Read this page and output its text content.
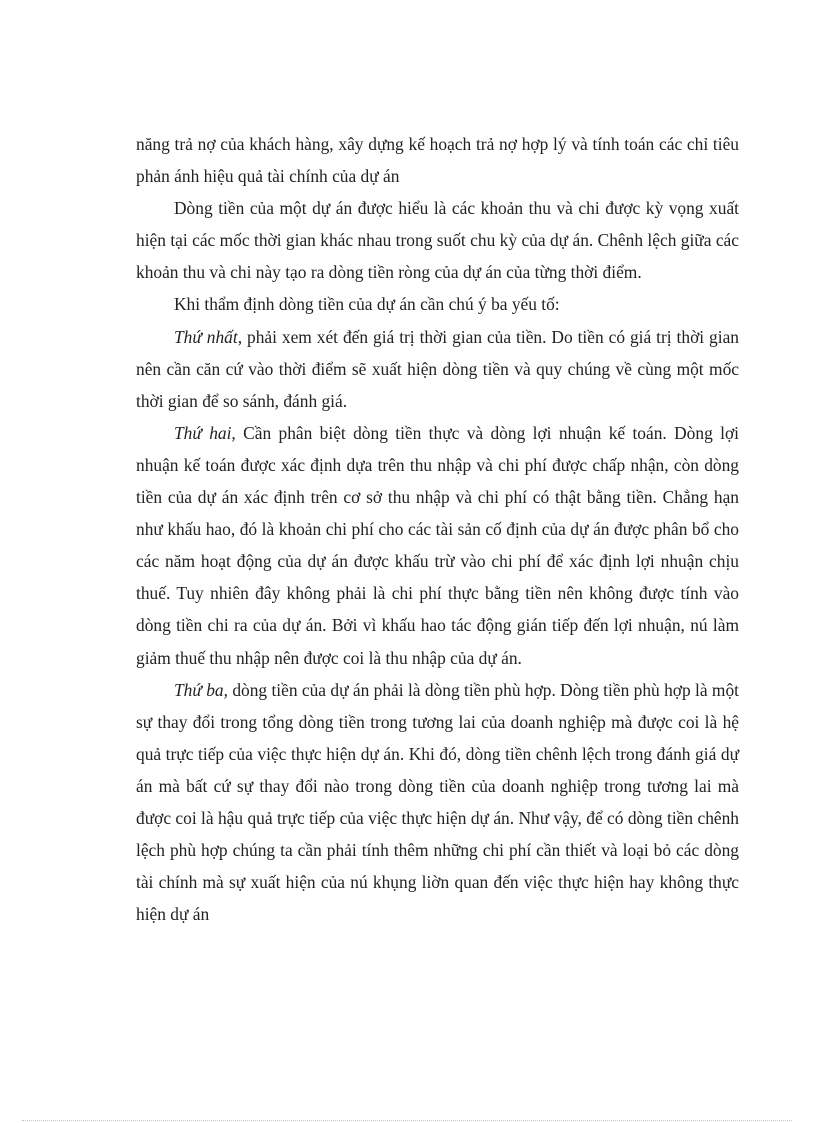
năng trả nợ của khách hàng, xây dựng kế hoạch trả nợ hợp lý và tính toán các chỉ tiêu phản ánh hiệu quả tài chính của dự án

Dòng tiền của một dự án được hiểu là các khoản thu và chi được kỳ vọng xuất hiện tại các mốc thời gian khác nhau trong suốt chu kỳ của dự án. Chênh lệch giữa các khoản thu và chi này tạo ra dòng tiền ròng của dự án của từng thời điểm.

Khi thẩm định dòng tiền của dự án cần chú ý ba yếu tố:

Thứ nhất, phải xem xét đến giá trị thời gian của tiền. Do tiền có giá trị thời gian nên cần căn cứ vào thời điểm sẽ xuất hiện dòng tiền và quy chúng về cùng một mốc thời gian để so sánh, đánh giá.

Thứ hai, Cần phân biệt dòng tiền thực và dòng lợi nhuận kế toán. Dòng lợi nhuận kế toán được xác định dựa trên thu nhập và chi phí được chấp nhận, còn dòng tiền của dự án xác định trên cơ sở thu nhập và chi phí có thật bằng tiền. Chẳng hạn như khấu hao, đó là khoản chi phí cho các tài sản cố định của dự án được phân bổ cho các năm hoạt động của dự án được khấu trừ vào chi phí để xác định lợi nhuận chịu thuế. Tuy nhiên đây không phải là chi phí thực bằng tiền nên không được tính vào dòng tiền chi ra của dự án. Bởi vì khấu hao tác động gián tiếp đến lợi nhuận, nú làm giảm thuế thu nhập nên được coi là thu nhập của dự án.

Thứ ba, dòng tiền của dự án phải là dòng tiền phù hợp. Dòng tiền phù hợp là một sự thay đổi trong tổng dòng tiền trong tương lai của doanh nghiệp mà được coi là hệ quả trực tiếp của việc thực hiện dự án. Khi đó, dòng tiền chênh lệch trong đánh giá dự án mà bất cứ sự thay đổi nào trong dòng tiền của doanh nghiệp trong tương lai mà được coi là hậu quả trực tiếp của việc thực hiện dự án. Như vậy, để có dòng tiền chênh lệch phù hợp chúng ta cần phải tính thêm những chi phí cần thiết và loại bỏ các dòng tài chính mà sự xuất hiện của nú khụng liờn quan đến việc thực hiện hay không thực hiện dự án
